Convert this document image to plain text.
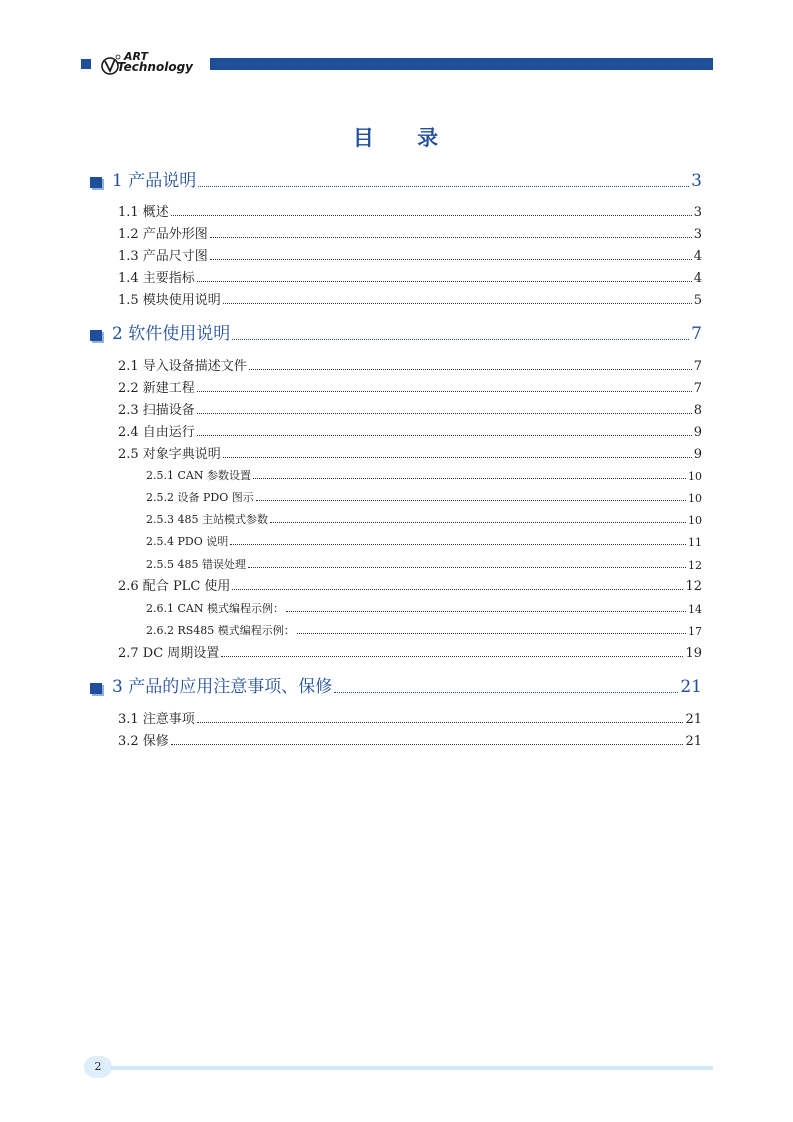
ART
Technology
目 录
1 产品说明	3
1.1 概述	3
1.2 产品外形图	3
1.3 产品尺寸图	4
1.4 主要指标	4
1.5 模块使用说明	5
2 软件使用说明	7
2.1 导入设备描述文件	7
2.2 新建工程	7
2.3 扫描设备	8
2.4 自由运行	9
2.5 对象字典说明	9
2.5.1 CAN 参数设置	10
2.5.2 设备 PDO 图示	10
2.5.3 485 主站模式参数	10
2.5.4 PDO 说明	11
2.5.5 485 错误处理	12
2.6 配合 PLC 使用	12
2.6.1 CAN 模式编程示例：	14
2.6.2 RS485 模式编程示例：	17
2.7 DC 周期设置	19
3 产品的应用注意事项、保修	21
3.1 注意事项	21
3.2 保修	21
2
